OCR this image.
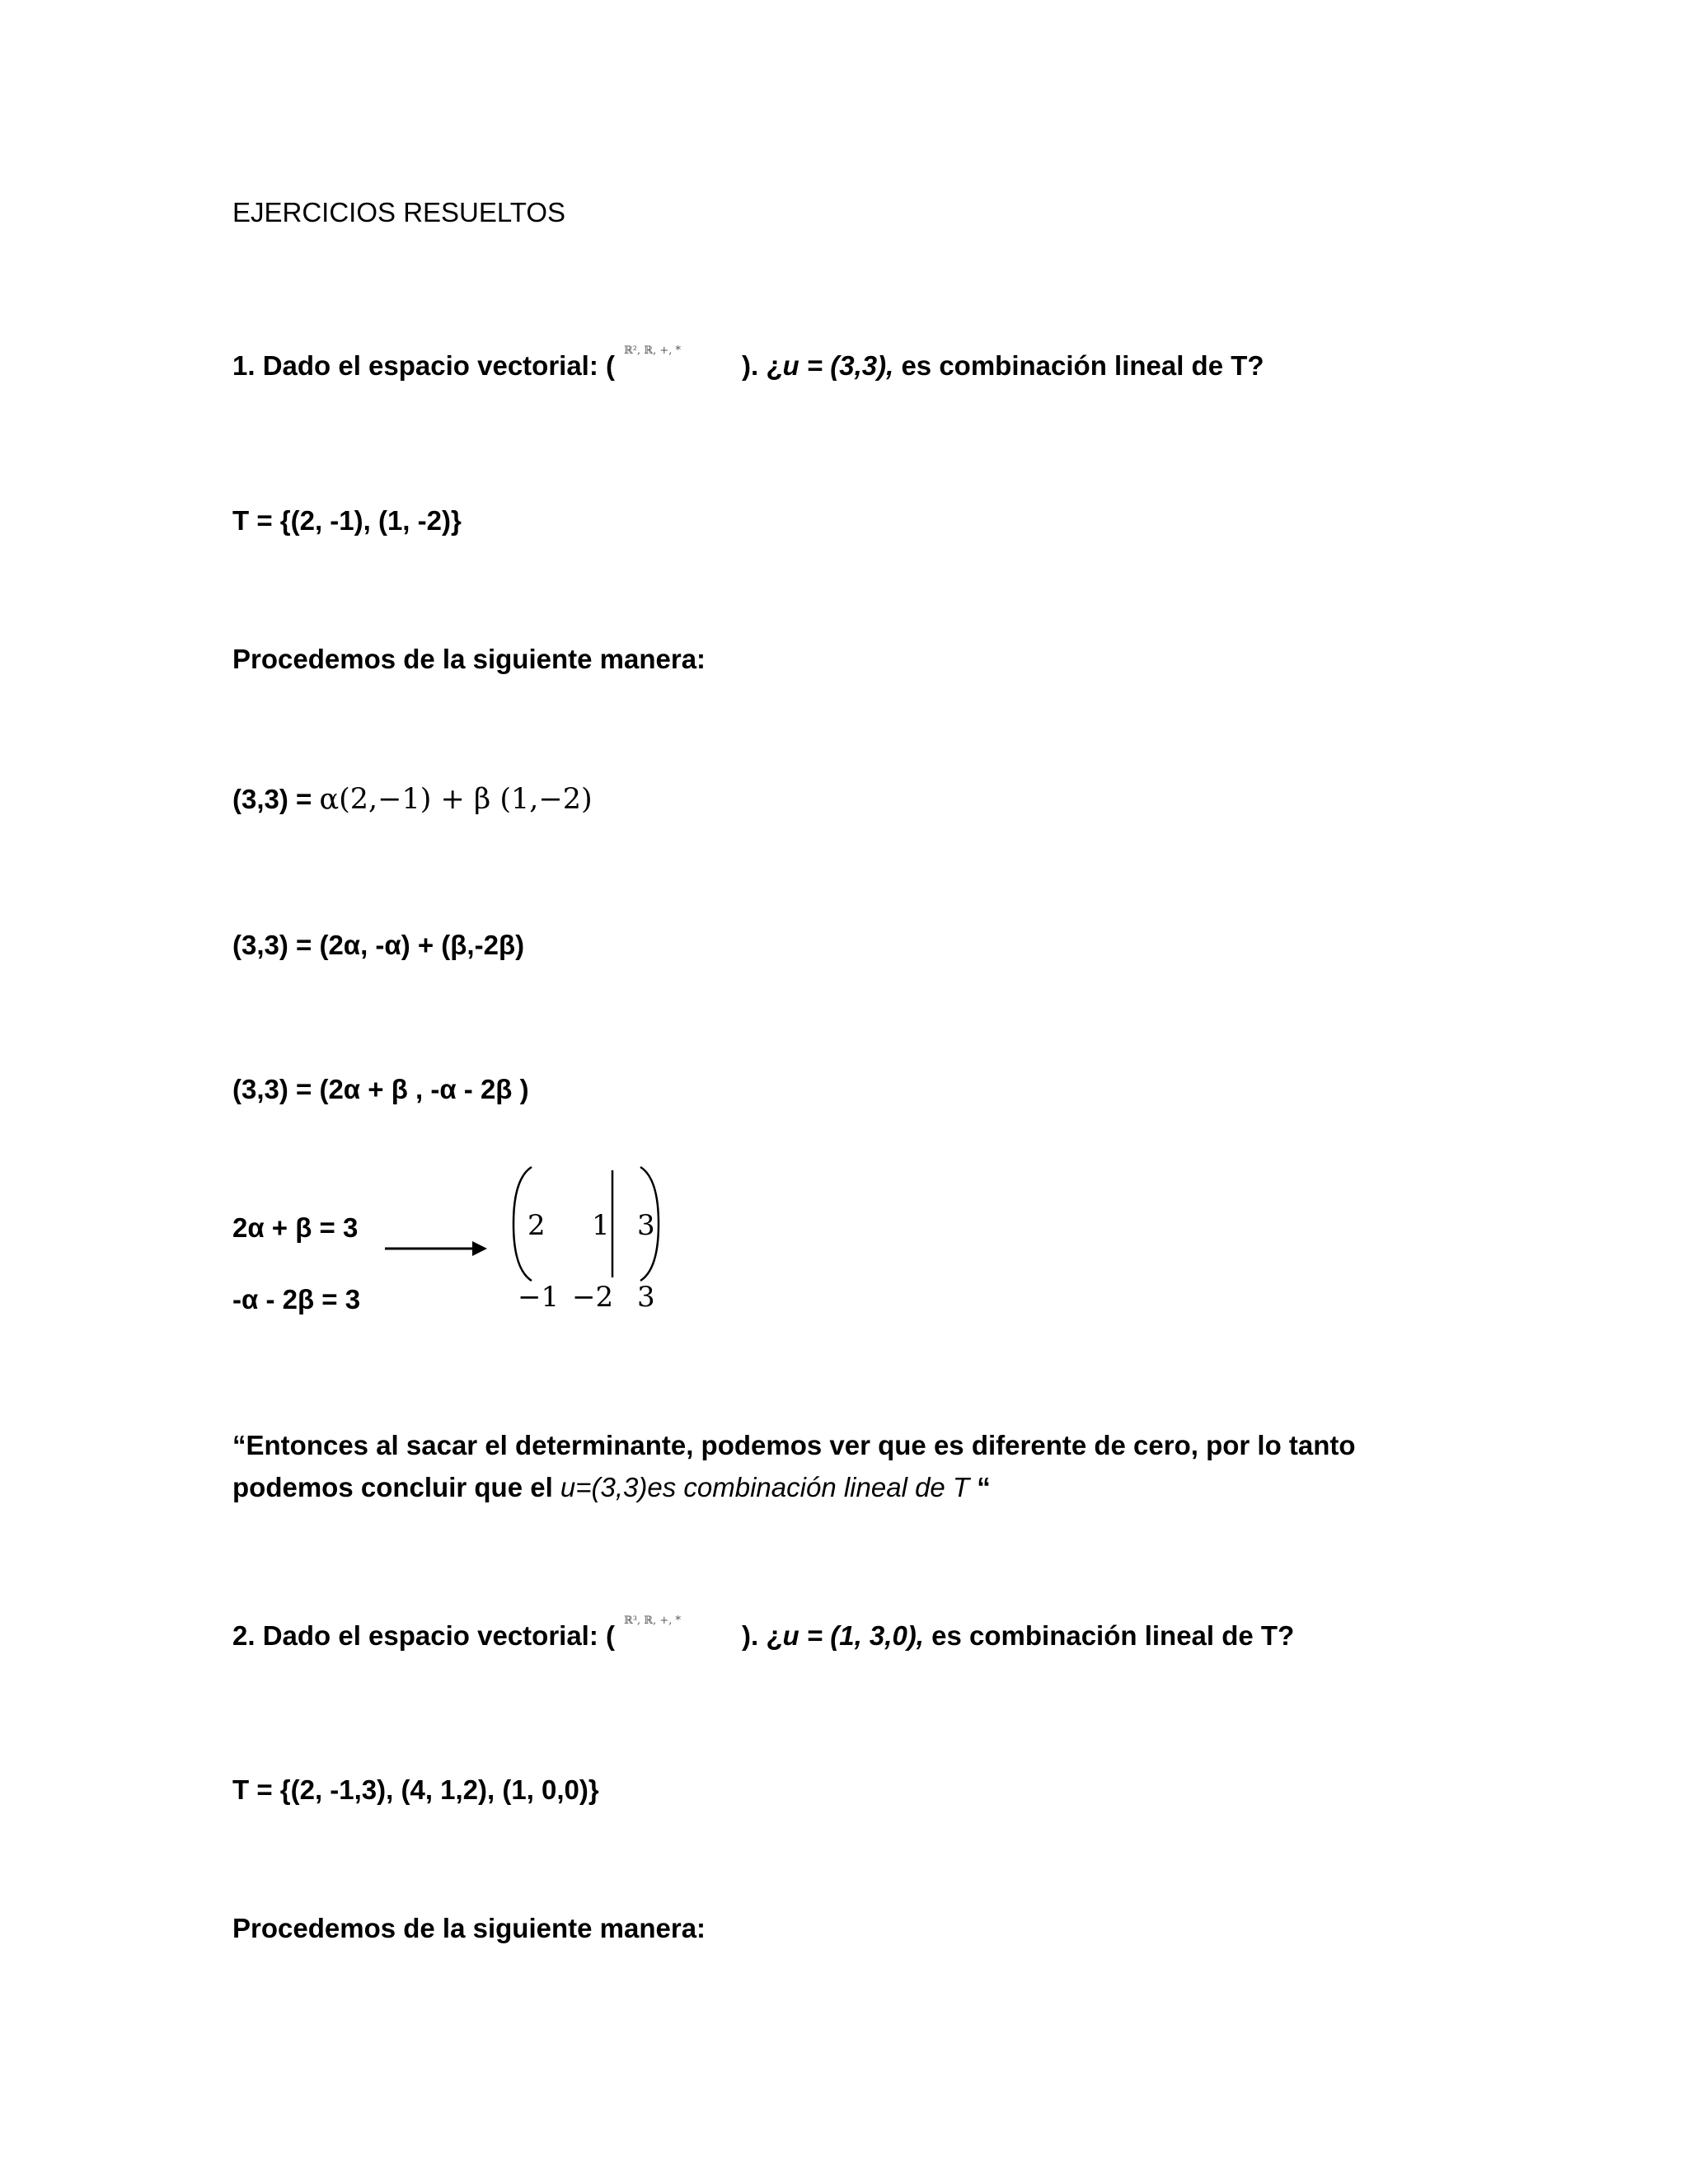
EJERCICIOS RESUELTOS
1. Dado el espacio vectorial: ( ℝ², ℝ, +, * ). ¿u = (3,3), es combinación lineal de T?
T = {(2, -1), (1, -2)}
Procedemos de la siguiente manera:
(3,3) = α(2,−1) + β (1,−2)
(3,3) = (2α, -α) + (β,-2β)
(3,3) = (2α + β , -α - 2β )
2α + β = 3
-α - 2β = 3
2 1 3
−1 −2 3
“Entonces al sacar el determinante, podemos ver que es diferente de cero, por lo tanto
podemos concluir que el u=(3,3)es combinación lineal de T “
2. Dado el espacio vectorial: ( ℝ³, ℝ, +, * ). ¿u = (1, 3,0), es combinación lineal de T?
T = {(2, -1,3), (4, 1,2), (1, 0,0)}
Procedemos de la siguiente manera:
